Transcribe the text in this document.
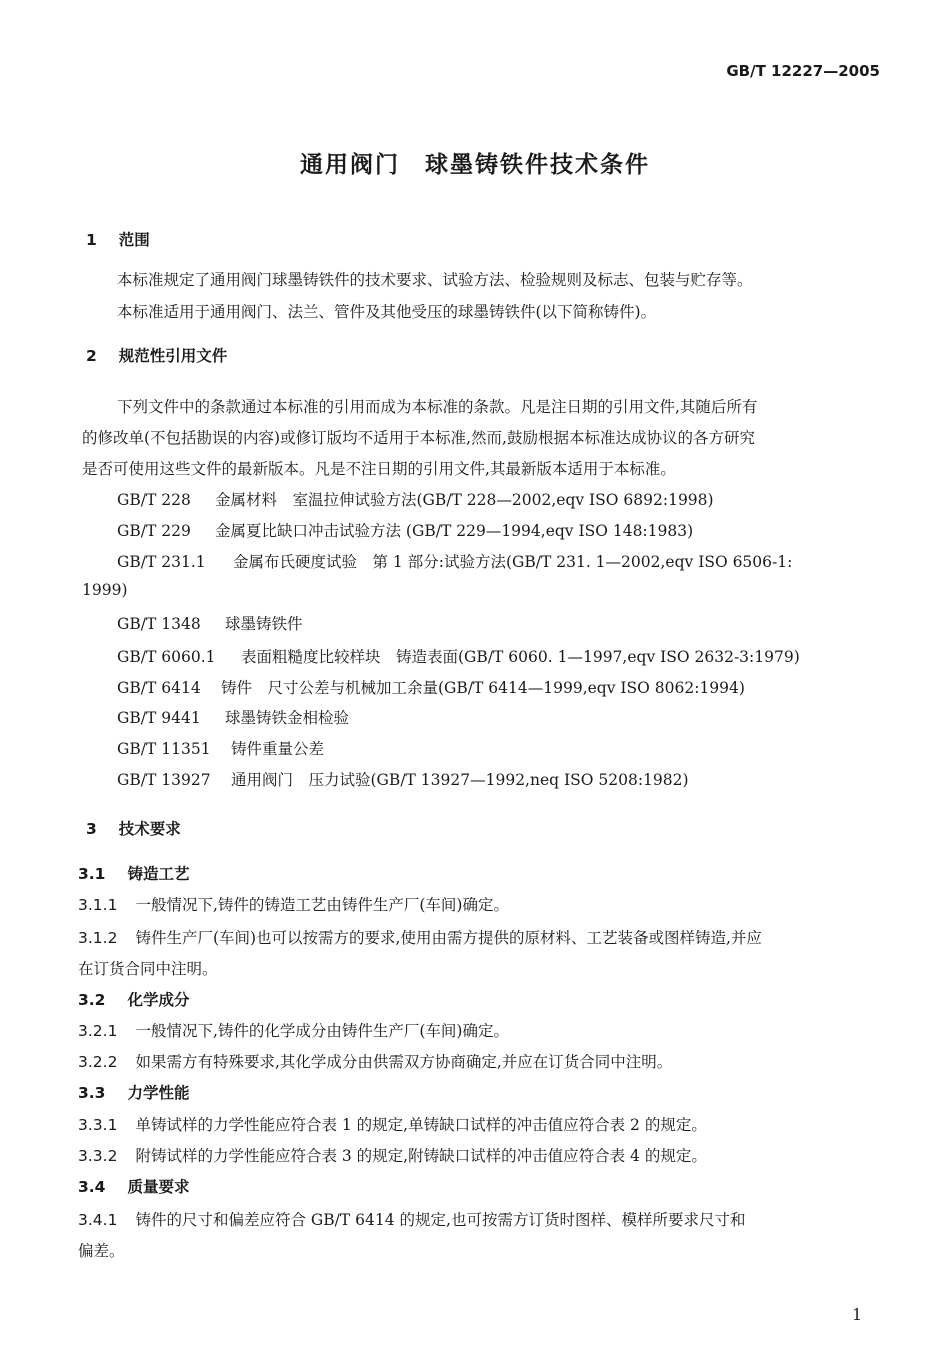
GB/T 12227—2005
通用阀门　球墨铸铁件技术条件
1 范围
本标准规定了通用阀门球墨铸铁件的技术要求、试验方法、检验规则及标志、包装与贮存等。
本标准适用于通用阀门、法兰、管件及其他受压的球墨铸铁件(以下简称铸件)。
2 规范性引用文件
下列文件中的条款通过本标准的引用而成为本标准的条款。凡是注日期的引用文件,其随后所有
的修改单(不包括勘误的内容)或修订版均不适用于本标准,然而,鼓励根据本标准达成协议的各方研究
是否可使用这些文件的最新版本。凡是不注日期的引用文件,其最新版本适用于本标准。
GB/T 228 金属材料　室温拉伸试验方法(GB/T 228—2002,eqv ISO 6892:1998)
GB/T 229 金属夏比缺口冲击试验方法 (GB/T 229—1994,eqv ISO 148:1983)
GB/T 231.1 金属布氏硬度试验　第 1 部分:试验方法(GB/T 231. 1—2002,eqv ISO 6506-1:
1999)
GB/T 1348 球墨铸铁件
GB/T 6060.1 表面粗糙度比较样块　铸造表面(GB/T 6060. 1—1997,eqv ISO 2632-3:1979)
GB/T 6414 铸件　尺寸公差与机械加工余量(GB/T 6414—1999,eqv ISO 8062:1994)
GB/T 9441 球墨铸铁金相检验
GB/T 11351 铸件重量公差
GB/T 13927 通用阀门　压力试验(GB/T 13927—1992,neq ISO 5208:1982)
3 技术要求
3.1 铸造工艺
3.1.1 一般情况下,铸件的铸造工艺由铸件生产厂(车间)确定。
3.1.2 铸件生产厂(车间)也可以按需方的要求,使用由需方提供的原材料、工艺装备或图样铸造,并应
在订货合同中注明。
3.2 化学成分
3.2.1 一般情况下,铸件的化学成分由铸件生产厂(车间)确定。
3.2.2 如果需方有特殊要求,其化学成分由供需双方协商确定,并应在订货合同中注明。
3.3 力学性能
3.3.1 单铸试样的力学性能应符合表 1 的规定,单铸缺口试样的冲击值应符合表 2 的规定。
3.3.2 附铸试样的力学性能应符合表 3 的规定,附铸缺口试样的冲击值应符合表 4 的规定。
3.4 质量要求
3.4.1 铸件的尺寸和偏差应符合 GB/T 6414 的规定,也可按需方订货时图样、模样所要求尺寸和
偏差。
1
